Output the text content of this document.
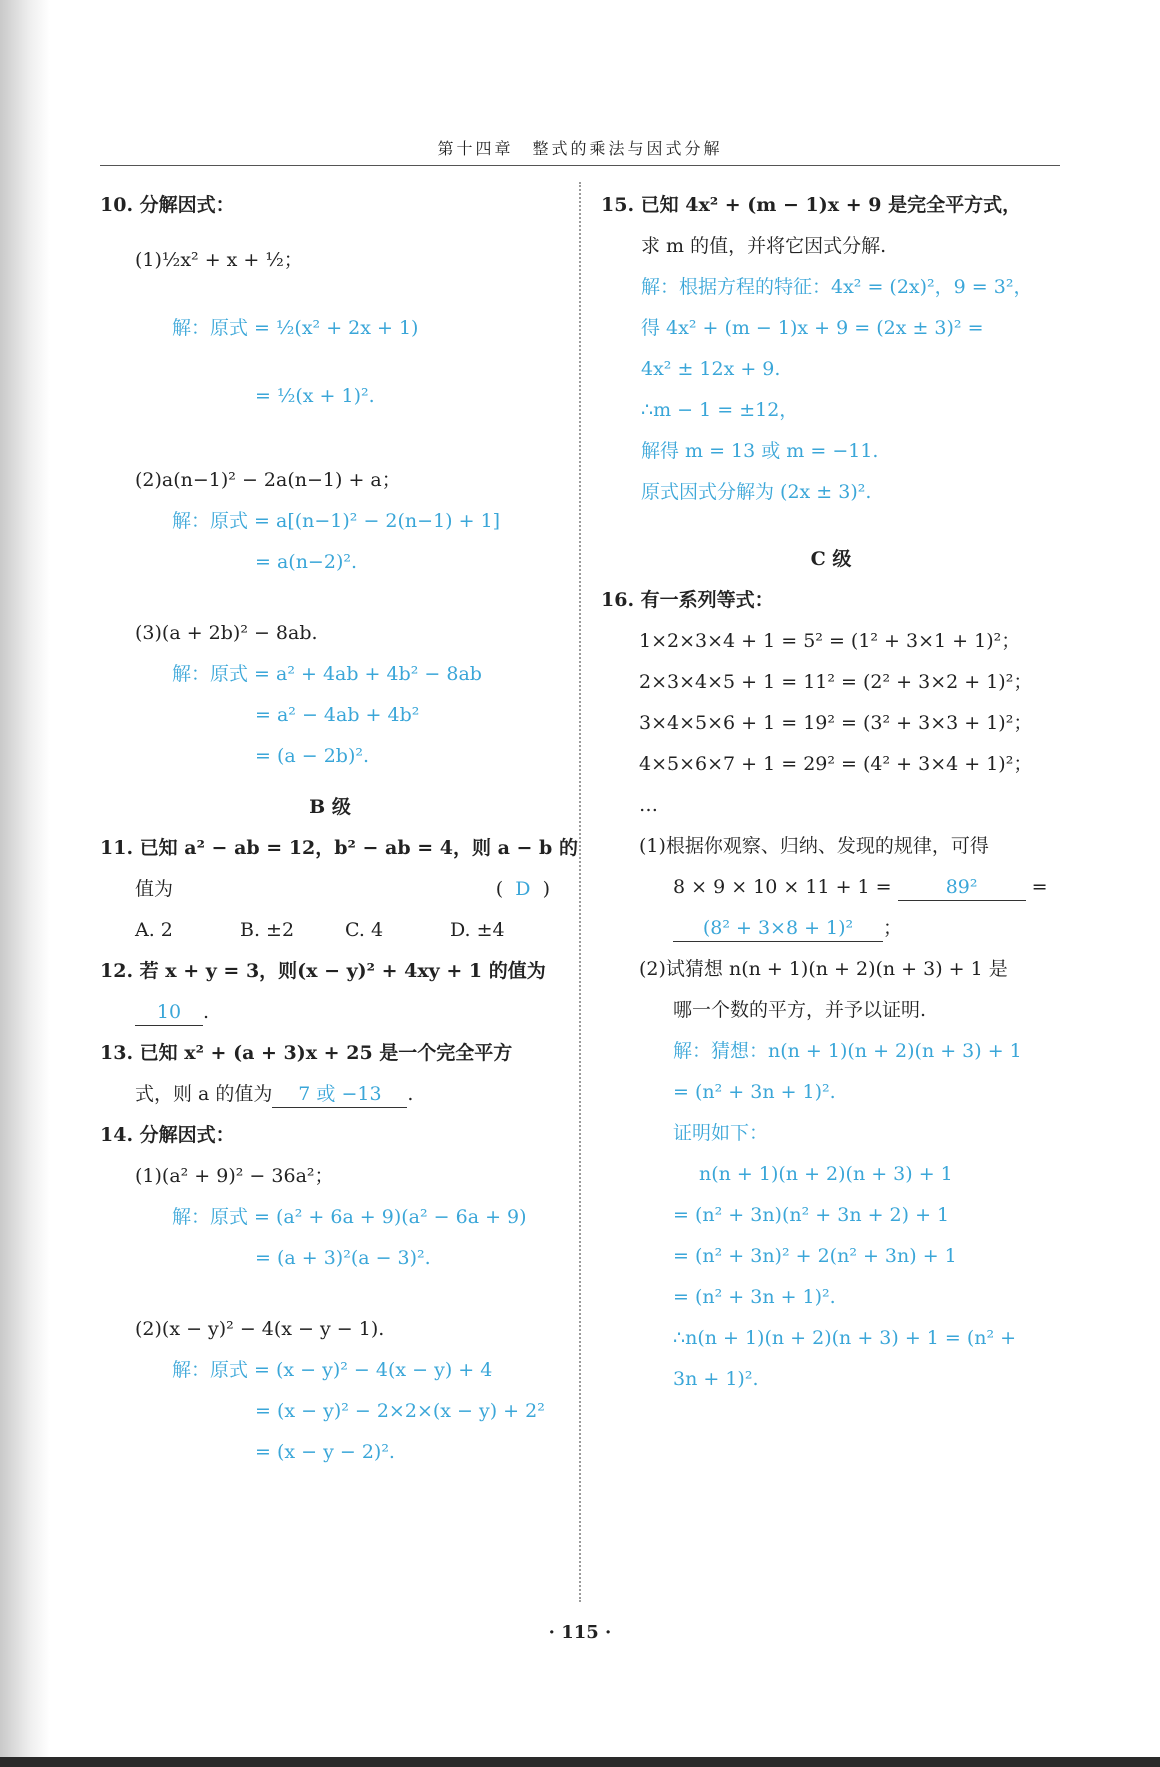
第十四章　整式的乘法与因式分解
10. 分解因式：
(1)½x² + x + ½；
解：原式 = ½(x² + 2x + 1)
= ½(x + 1)².
(2)a(n−1)² − 2a(n−1) + a；
解：原式 = a[(n−1)² − 2(n−1) + 1]
= a(n−2)².
(3)(a + 2b)² − 8ab.
解：原式 = a² + 4ab + 4b² − 8ab
= a² − 4ab + 4b²
= (a − 2b)².
B 级
11. 已知 a² − ab = 12，b² − ab = 4，则 a − b 的
值为	(  D  )
A. 2	B. ±2	C. 4	D. ±4
12. 若 x + y = 3，则(x − y)² + 4xy + 1 的值为
10 .
13. 已知 x² + (a + 3)x + 25 是一个完全平方
式，则 a 的值为 7 或 −13 .
14. 分解因式：
(1)(a² + 9)² − 36a²；
解：原式 = (a² + 6a + 9)(a² − 6a + 9)
= (a + 3)²(a − 3)².
(2)(x − y)² − 4(x − y − 1).
解：原式 = (x − y)² − 4(x − y) + 4
= (x − y)² − 2×2×(x − y) + 2²
= (x − y − 2)².
15. 已知 4x² + (m − 1)x + 9 是完全平方式，
求 m 的值，并将它因式分解.
解：根据方程的特征：4x² = (2x)²，9 = 3²，
得 4x² + (m − 1)x + 9 = (2x ± 3)² =
4x² ± 12x + 9.
∴m − 1 = ±12，
解得 m = 13 或 m = −11.
原式因式分解为 (2x ± 3)².
C 级
16. 有一系列等式：
1×2×3×4 + 1 = 5² = (1² + 3×1 + 1)²；
2×3×4×5 + 1 = 11² = (2² + 3×2 + 1)²；
3×4×5×6 + 1 = 19² = (3² + 3×3 + 1)²；
4×5×6×7 + 1 = 29² = (4² + 3×4 + 1)²；
…
(1)根据你观察、归纳、发现的规律，可得
8 × 9 × 10 × 11 + 1 =	89²	=
(8² + 3×8 + 1)² ；
(2)试猜想 n(n + 1)(n + 2)(n + 3) + 1 是
哪一个数的平方，并予以证明.
解：猜想：n(n + 1)(n + 2)(n + 3) + 1
= (n² + 3n + 1)².
证明如下：
n(n + 1)(n + 2)(n + 3) + 1
= (n² + 3n)(n² + 3n + 2) + 1
= (n² + 3n)² + 2(n² + 3n) + 1
= (n² + 3n + 1)².
∴n(n + 1)(n + 2)(n + 3) + 1 = (n² +
3n + 1)².
· 115 ·
